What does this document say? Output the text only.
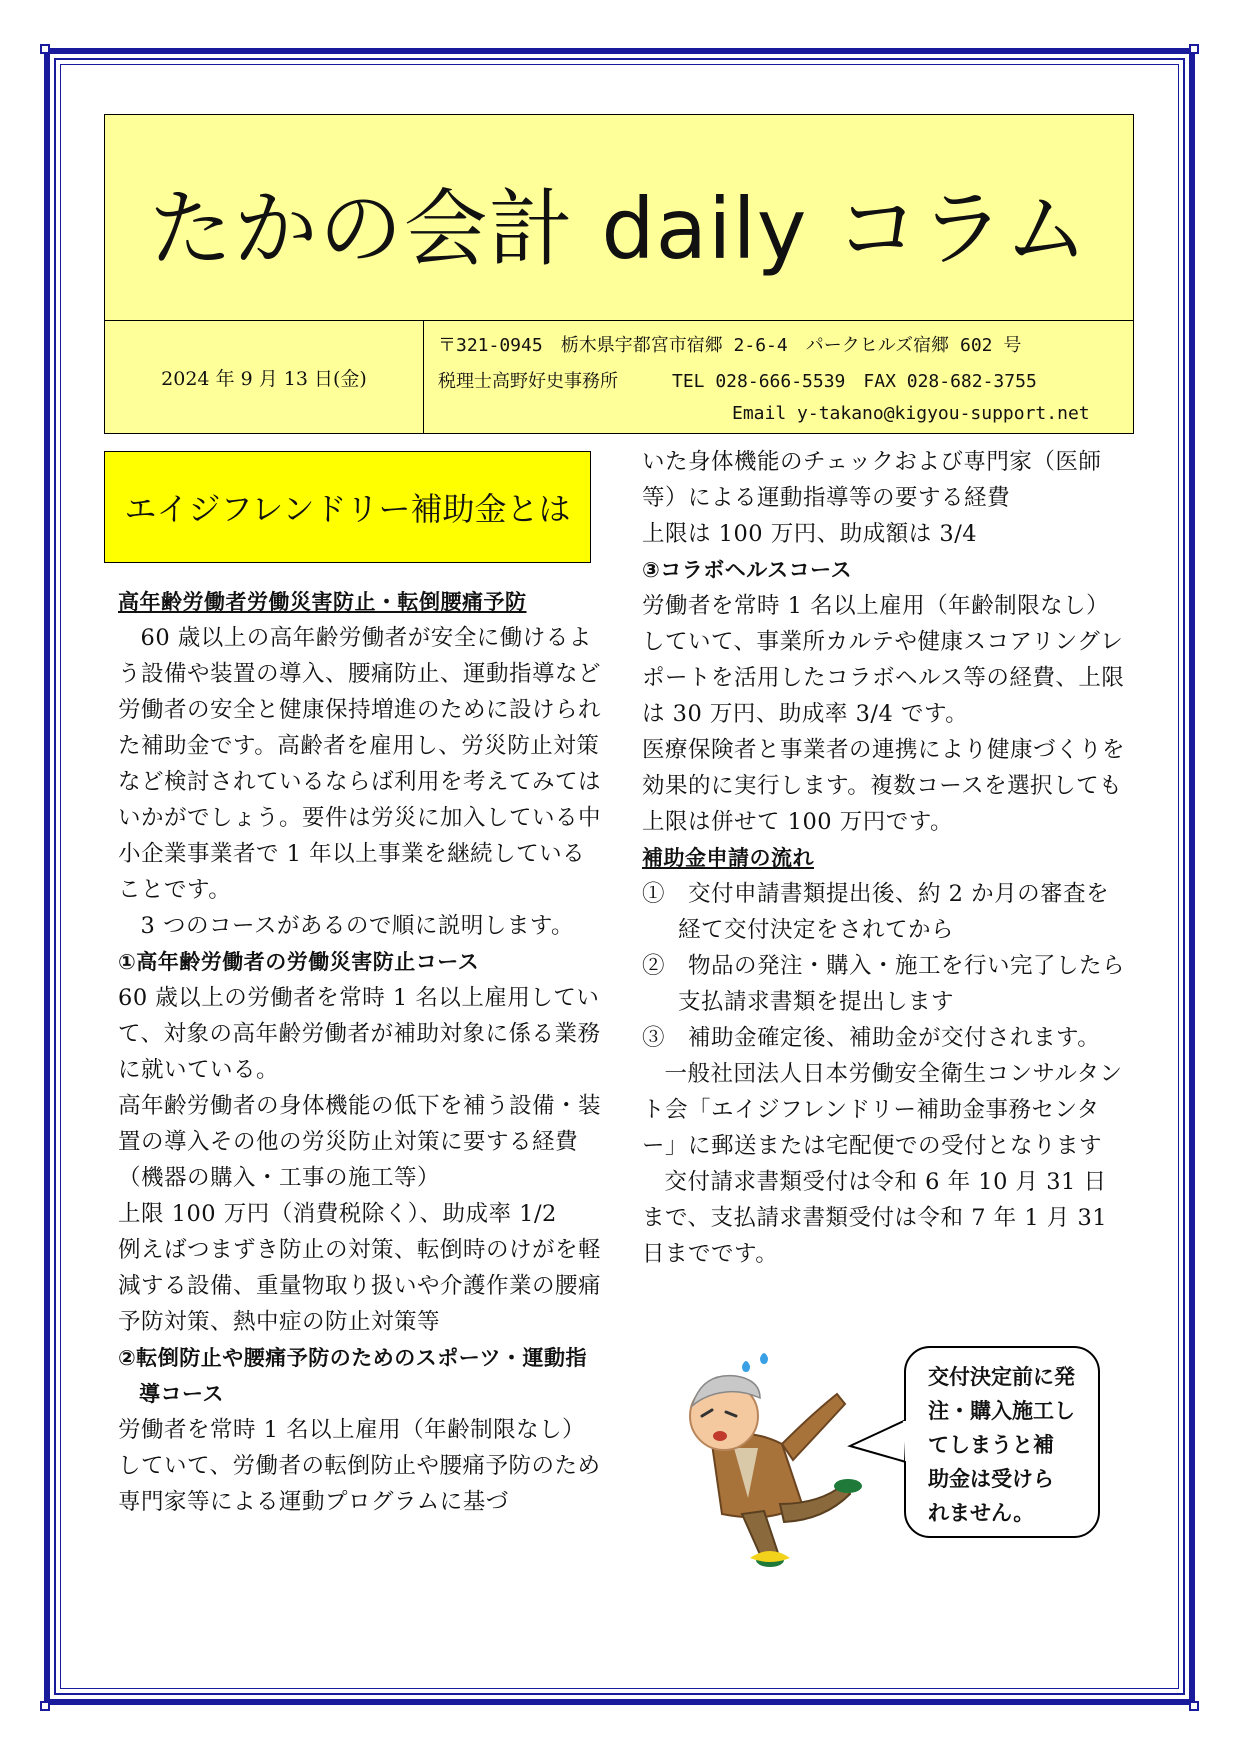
たかの会計 daily コラム
2024 年 9 月 13 日(金)
〒321-0945　栃木県宇都宮市宿郷 2-6-4　パークヒルズ宿郷 602 号
税理士高野好史事務所　　　TEL 028-666-5539　FAX 028-682-3755
Email y-takano@kigyou-support.net
エイジフレンドリー補助金とは

高年齢労働者労働災害防止・転倒腰痛予防

60 歳以上の高年齢労働者が安全に働けるよう設備や装置の導入、腰痛防止、運動指導など労働者の安全と健康保持増進のために設けられた補助金です。高齢者を雇用し、労災防止対策など検討されているならば利用を考えてみてはいかがでしょう。要件は労災に加入している中小企業事業者で 1 年以上事業を継続していることです。

3 つのコースがあるので順に説明します。

①高年齢労働者の労働災害防止コース

60 歳以上の労働者を常時 1 名以上雇用していて、対象の高年齢労働者が補助対象に係る業務に就いている。

高年齢労働者の身体機能の低下を補う設備・装置の導入その他の労災防止対策に要する経費（機器の購入・工事の施工等）

上限 100 万円（消費税除く）、助成率 1/2

例えばつまずき防止の対策、転倒時のけがを軽減する設備、重量物取り扱いや介護作業の腰痛予防対策、熱中症の防止対策等

②転倒防止や腰痛予防のためのスポーツ・運動指導コース

労働者を常時 1 名以上雇用（年齢制限なし）していて、労働者の転倒防止や腰痛予防のため専門家等による運動プログラムに基づ

いた身体機能のチェックおよび専門家（医師等）による運動指導等の要する経費

上限は 100 万円、助成額は 3/4

③コラボヘルスコース

労働者を常時 1 名以上雇用（年齢制限なし）していて、事業所カルテや健康スコアリングレポートを活用したコラボヘルス等の経費、上限は 30 万円、助成率 3/4 です。

医療保険者と事業者の連携により健康づくりを効果的に実行します。複数コースを選択しても上限は併せて 100 万円です。

補助金申請の流れ

①　交付申請書類提出後、約 2 か月の審査を経て交付決定をされてから

②　物品の発注・購入・施工を行い完了したら支払請求書類を提出します

③　補助金確定後、補助金が交付されます。

一般社団法人日本労働安全衛生コンサルタント会「エイジフレンドリー補助金事務センター」に郵送または宅配便での受付となります

交付請求書類受付は令和 6 年 10 月 31 日まで、支払請求書類受付は令和 7 年 1 月 31 日までです。

交付決定前に発
注・購入施工し
てしまうと補
助金は受けら
れません。
